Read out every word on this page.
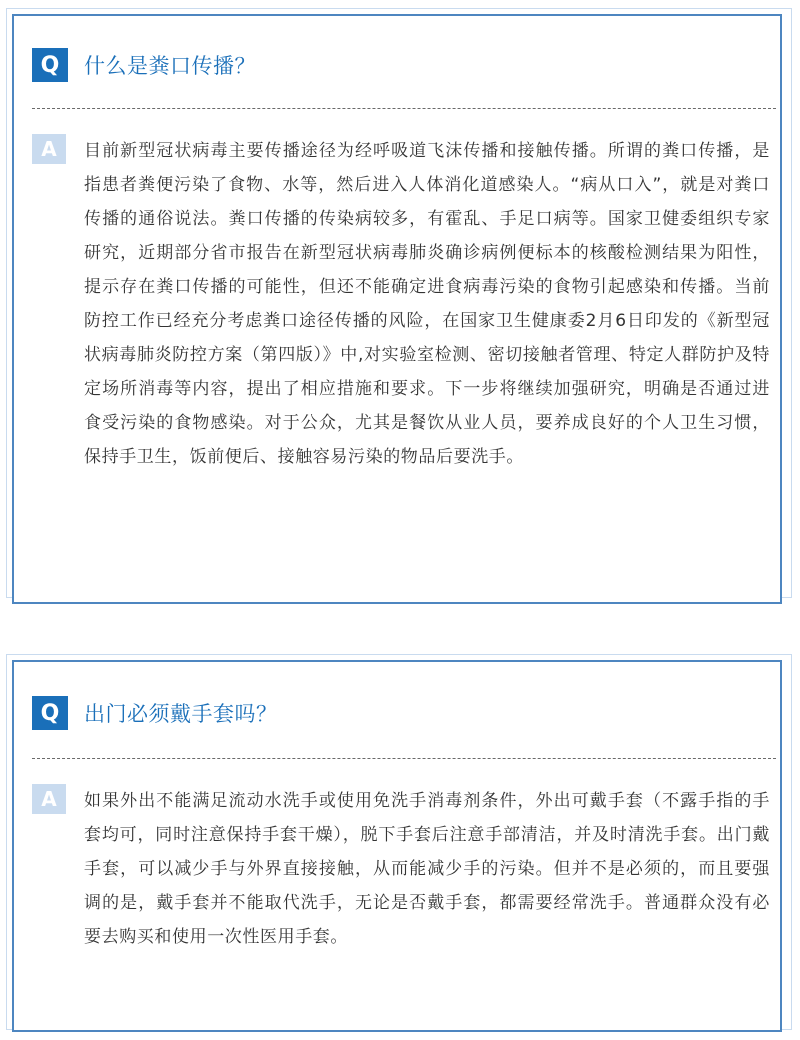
Q	什么是粪口传播？
A	目前新型冠状病毒主要传播途径为经呼吸道飞沫传播和接触传播。所谓的粪口传播，是指患者粪便污染了食物、水等，然后进入人体消化道感染人。“病从口入”，就是对粪口传播的通俗说法。粪口传播的传染病较多，有霍乱、手足口病等。国家卫健委组织专家研究，近期部分省市报告在新型冠状病毒肺炎确诊病例便标本的核酸检测结果为阳性，提示存在粪口传播的可能性，但还不能确定进食病毒污染的食物引起感染和传播。当前防控工作已经充分考虑粪口途径传播的风险，在国家卫生健康委2月6日印发的《新型冠状病毒肺炎防控方案（第四版）》中,对实验室检测、密切接触者管理、特定人群防护及特定场所消毒等内容，提出了相应措施和要求。下一步将继续加强研究，明确是否通过进食受污染的食物感染。对于公众，尤其是餐饮从业人员，要养成良好的个人卫生习惯，保持手卫生，饭前便后、接触容易污染的物品后要洗手。
Q	出门必须戴手套吗？
A	如果外出不能满足流动水洗手或使用免洗手消毒剂条件，外出可戴手套（不露手指的手套均可，同时注意保持手套干燥），脱下手套后注意手部清洁，并及时清洗手套。出门戴手套，可以减少手与外界直接接触，从而能减少手的污染。但并不是必须的，而且要强调的是，戴手套并不能取代洗手，无论是否戴手套，都需要经常洗手。普通群众没有必要去购买和使用一次性医用手套。
